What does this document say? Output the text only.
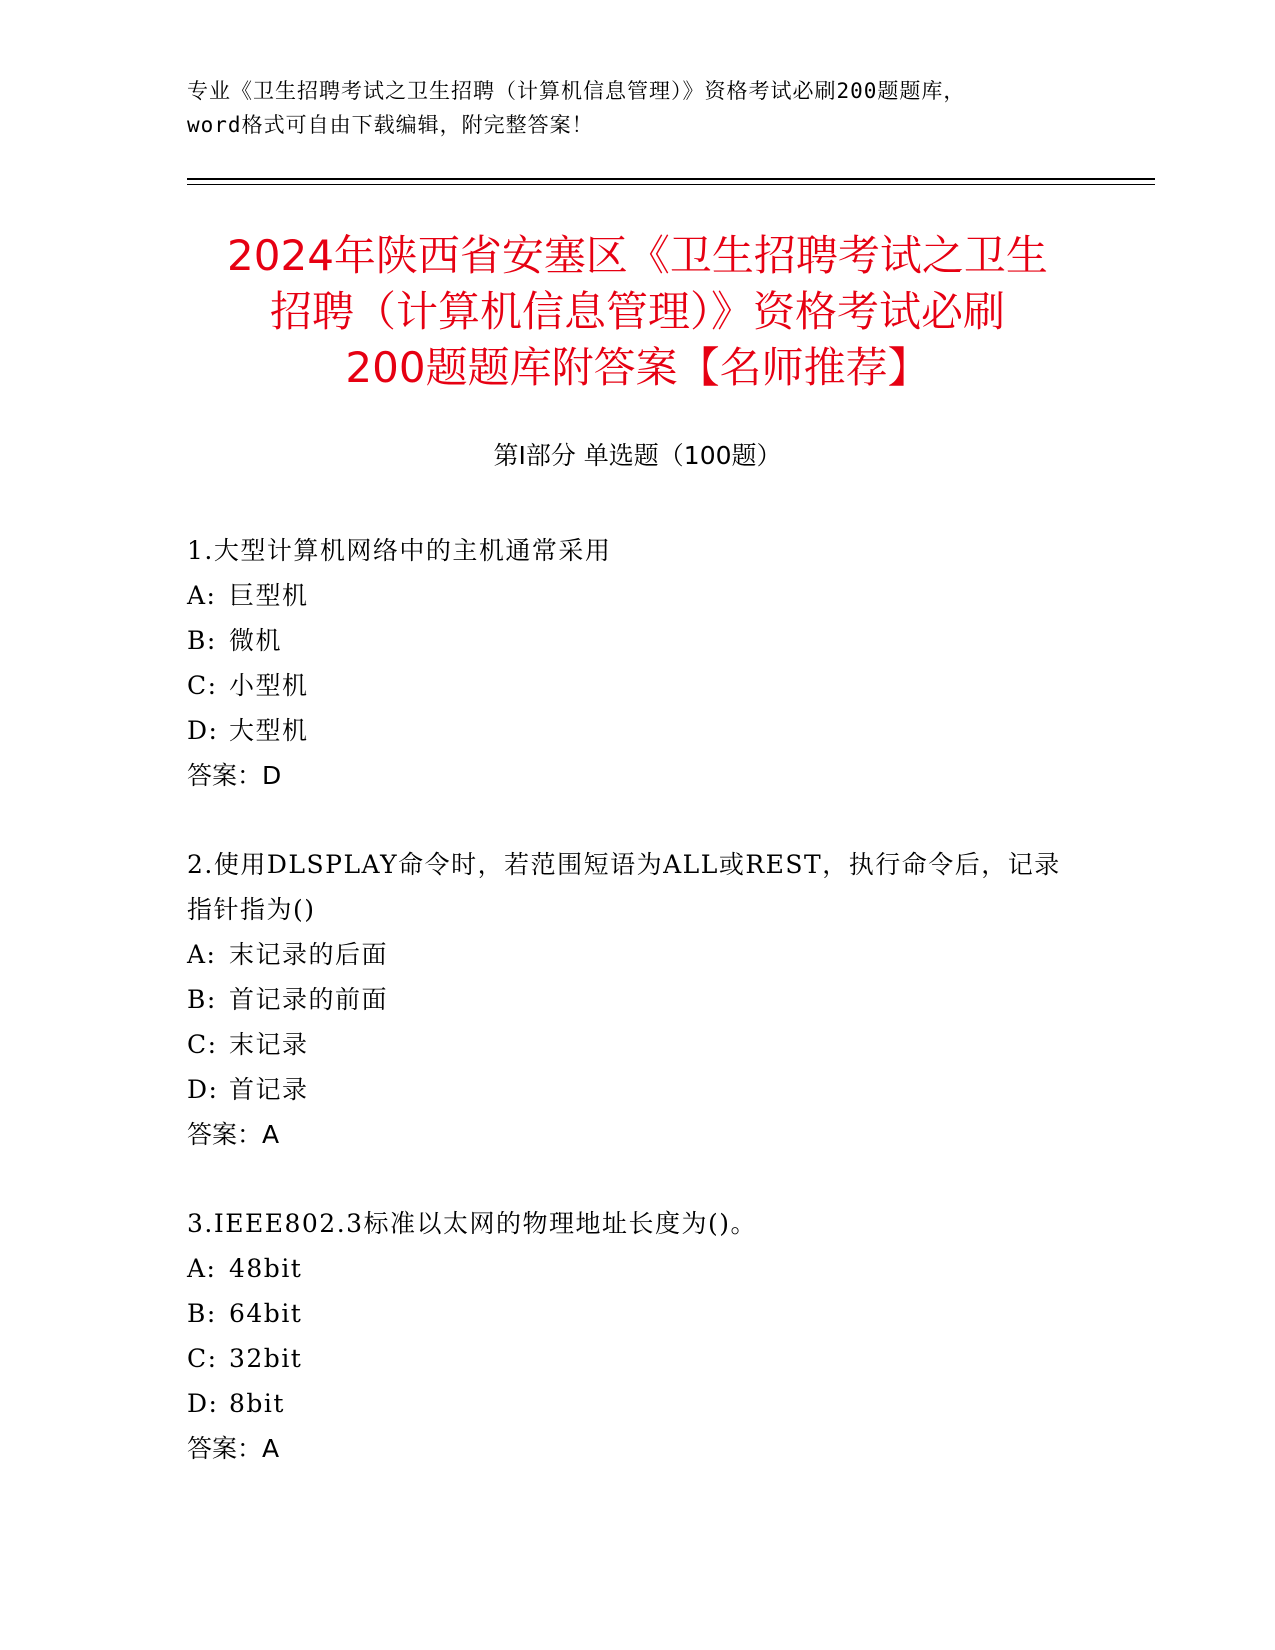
专业《卫生招聘考试之卫生招聘（计算机信息管理）》资格考试必刷200题题库，
word格式可自由下载编辑，附完整答案！
2024年陕西省安塞区《卫生招聘考试之卫生
招聘（计算机信息管理）》资格考试必刷
200题题库附答案【名师推荐】
第Ⅰ部分 单选题（100题）
1.大型计算机网络中的主机通常采用
A: 巨型机
B: 微机
C: 小型机
D: 大型机
答案：D
2.使用DLSPLAY命令时，若范围短语为ALL或REST，执行命令后，记录指针指为()
A: 末记录的后面
B: 首记录的前面
C: 末记录
D: 首记录
答案：A
3.IEEE802.3标准以太网的物理地址长度为()。
A: 48bit
B: 64bit
C: 32bit
D: 8bit
答案：A
